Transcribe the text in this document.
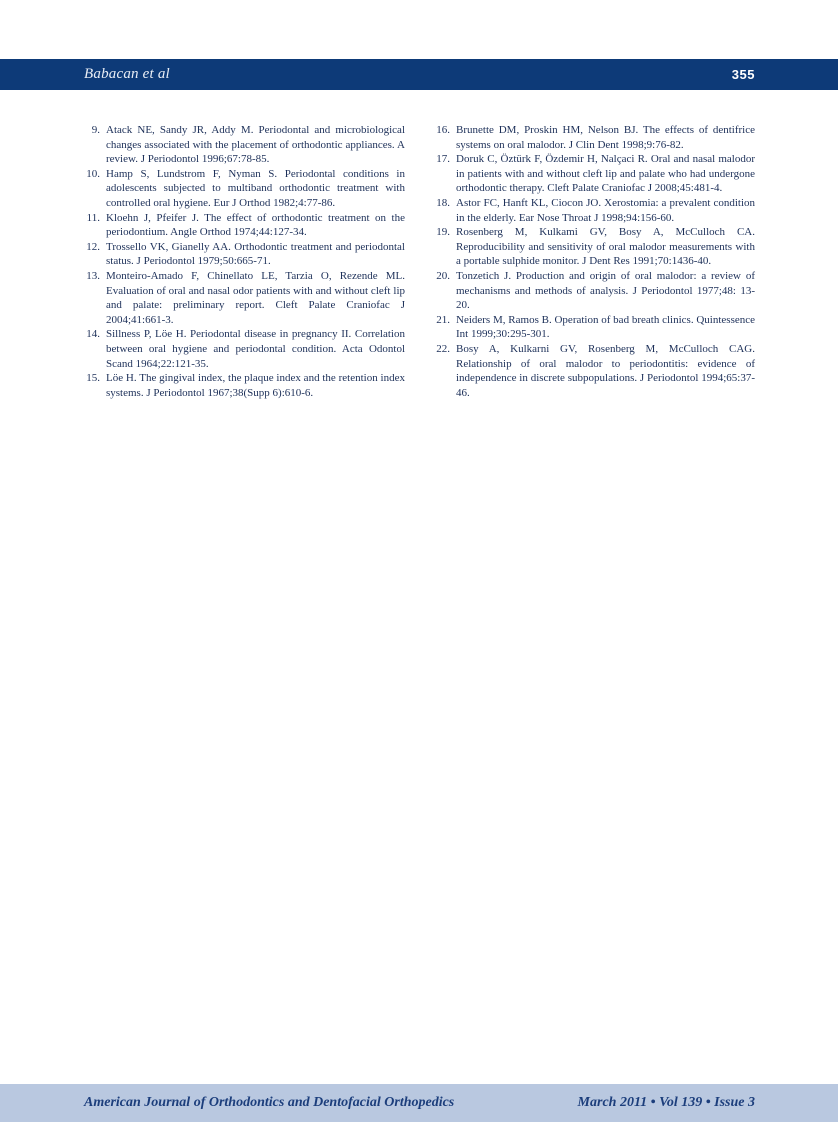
Babacan et al	355
9. Atack NE, Sandy JR, Addy M. Periodontal and microbiological changes associated with the placement of orthodontic appliances. A review. J Periodontol 1996;67:78-85.

10. Hamp S, Lundstrom F, Nyman S. Periodontal conditions in adolescents subjected to multiband orthodontic treatment with controlled oral hygiene. Eur J Orthod 1982;4:77-86.

11. Kloehn J, Pfeifer J. The effect of orthodontic treatment on the periodontium. Angle Orthod 1974;44:127-34.

12. Trossello VK, Gianelly AA. Orthodontic treatment and periodontal status. J Periodontol 1979;50:665-71.

13. Monteiro-Amado F, Chinellato LE, Tarzia O, Rezende ML. Evaluation of oral and nasal odor patients with and without cleft lip and palate: preliminary report. Cleft Palate Craniofac J 2004;41:661-3.

14. Sillness P, Löe H. Periodontal disease in pregnancy II. Correlation between oral hygiene and periodontal condition. Acta Odontol Scand 1964;22:121-35.

15. Löe H. The gingival index, the plaque index and the retention index systems. J Periodontol 1967;38(Supp 6):610-6.

16. Brunette DM, Proskin HM, Nelson BJ. The effects of dentifrice systems on oral malodor. J Clin Dent 1998;9:76-82.

17. Doruk C, Öztürk F, Özdemir H, Nalçaci R. Oral and nasal malodor in patients with and without cleft lip and palate who had undergone orthodontic therapy. Cleft Palate Craniofac J 2008;45:481-4.

18. Astor FC, Hanft KL, Ciocon JO. Xerostomia: a prevalent condition in the elderly. Ear Nose Throat J 1998;94:156-60.

19. Rosenberg M, Kulkami GV, Bosy A, McCulloch CA. Reproducibility and sensitivity of oral malodor measurements with a portable sulphide monitor. J Dent Res 1991;70:1436-40.

20. Tonzetich J. Production and origin of oral malodor: a review of mechanisms and methods of analysis. J Periodontol 1977;48: 13-20.

21. Neiders M, Ramos B. Operation of bad breath clinics. Quintessence Int 1999;30:295-301.

22. Bosy A, Kulkarni GV, Rosenberg M, McCulloch CAG. Relationship of oral malodor to periodontitis: evidence of independence in discrete subpopulations. J Periodontol 1994;65:37-46.

American Journal of Orthodontics and Dentofacial Orthopedics	March 2011 • Vol 139 • Issue 3
